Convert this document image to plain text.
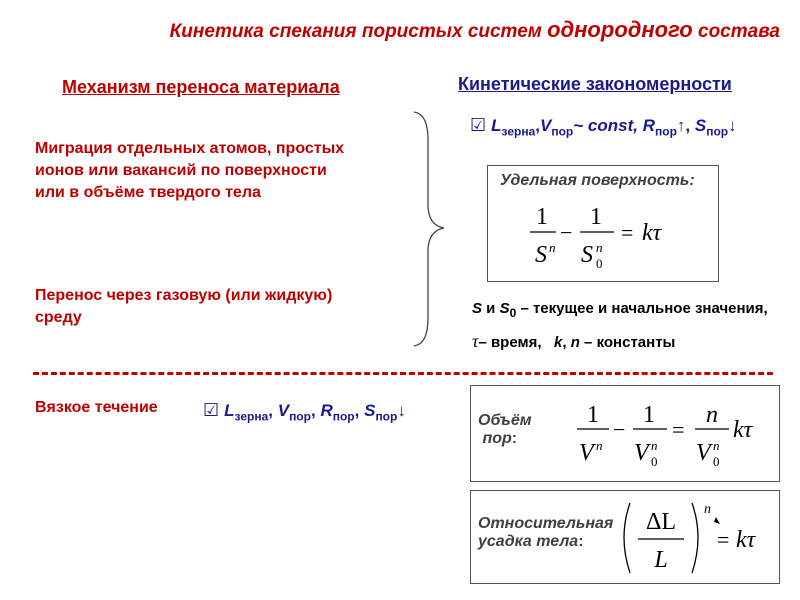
Кинетика спекания пористых систем однородного состава
Механизм переноса материала	Кинетические закономерности
Миграция отдельных атомов, простых
ионов или вакансий по поверхности
или в объёме твердого тела
Перенос через газовую (или жидкую)
среду
☑ $L_{зерна},V_{пор}\sim$ const, $R_{пор}↑$, $S_{пор}↓$
Удельная поверхность:
1
S n
−
1
S n
0
= kτ
S и $S_0$ – текущее и начальное значения,
τ– время, k, n – константы
Вязкое течение	☑ $L_{зерна}$, $V_{пор}$, $R_{пор}$, $S_{пор}↓$
Объём
пор:
1
V n
−
1
V n
0
=
n
V n
0
kτ
Относительная
усадка тела:
ΔL
L
n
= kτ
